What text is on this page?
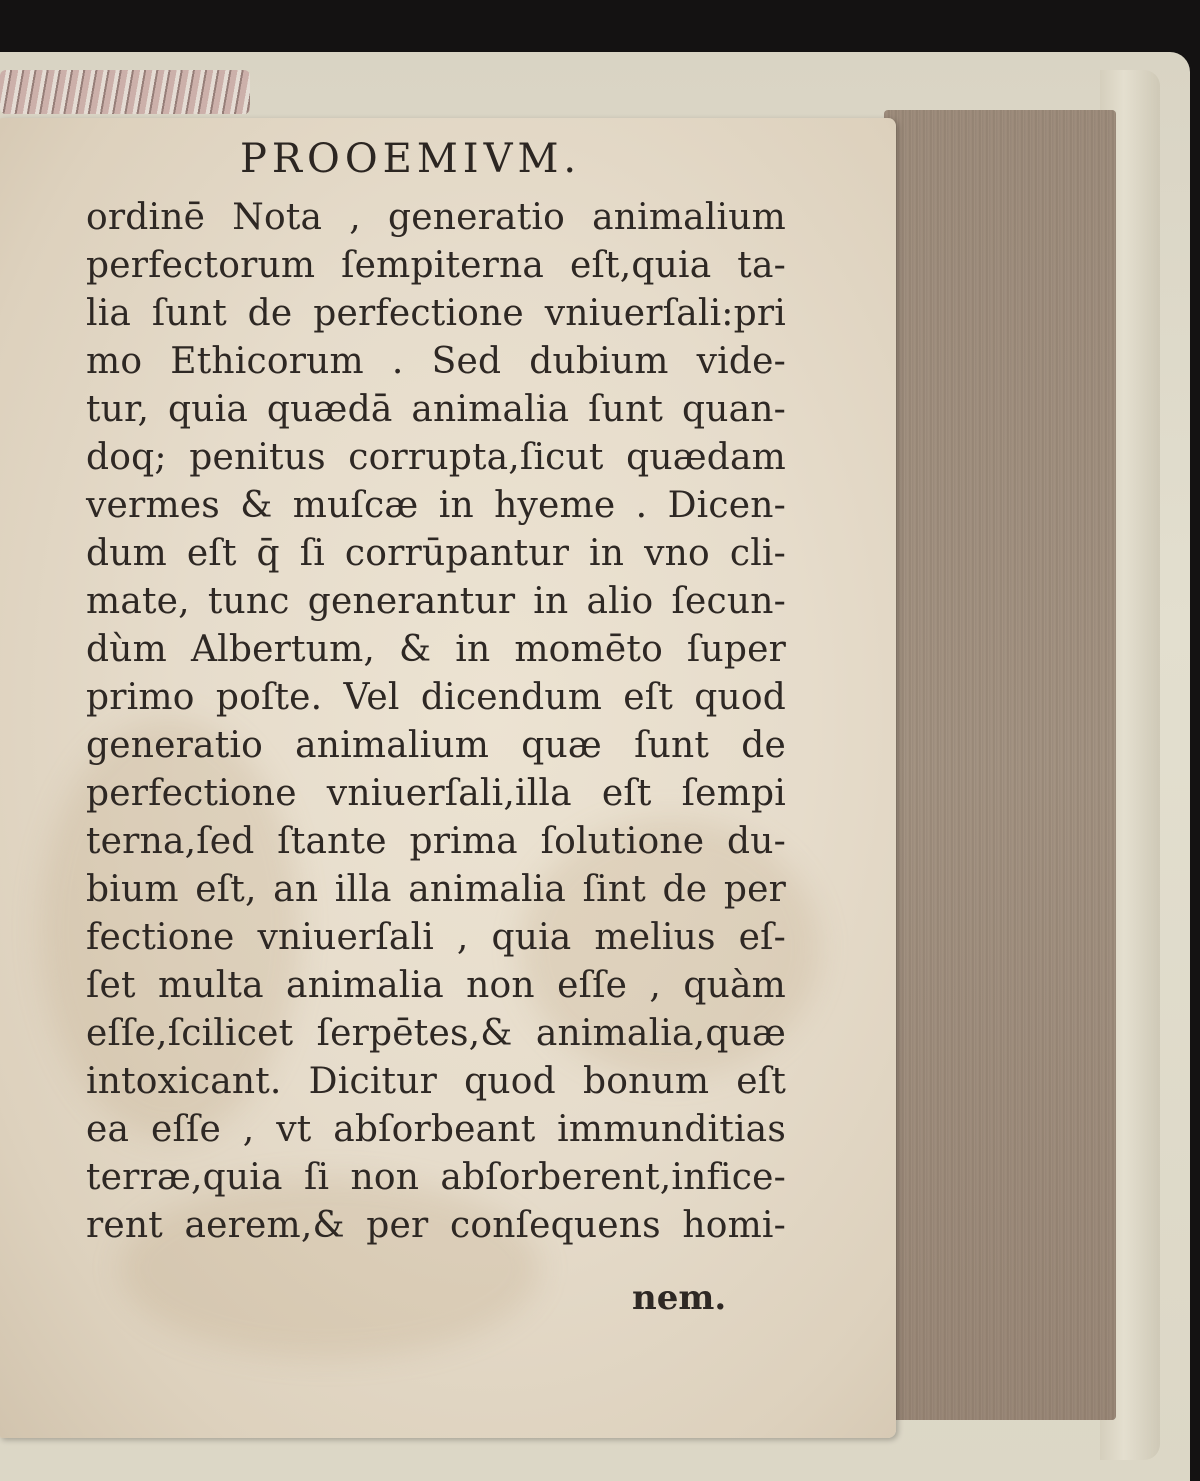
PROOEMIVM.
ordinē Nota , generatio animalium
perfectorum ſempiterna eſt,quia ta-
lia ſunt de perfectione vniuerſali:pri
mo Ethicorum . Sed dubium vide-
tur, quia quædā animalia ſunt quan-
doq; penitus corrupta,ſicut quædam
vermes & muſcæ in hyeme . Dicen-
dum eſt q̄ ſi corrūpantur in vno cli-
mate, tunc generantur in alio ſecun-
dùm Albertum, & in momēto ſuper
primo poſte. Vel dicendum eſt quod
generatio animalium quæ ſunt de
perfectione vniuerſali,illa eſt ſempi
terna,ſed ſtante prima ſolutione du-
bium eſt, an illa animalia ſint de per
fectione vniuerſali , quia melius eſ-
ſet multa animalia non eſſe , quàm
eſſe,ſcilicet ſerpētes,& animalia,quæ
intoxicant. Dicitur quod bonum eſt
ea eſſe , vt abſorbeant immunditias
terræ,quia ſi non abſorberent,infice-
rent aerem,& per conſequens homi-
nem.
